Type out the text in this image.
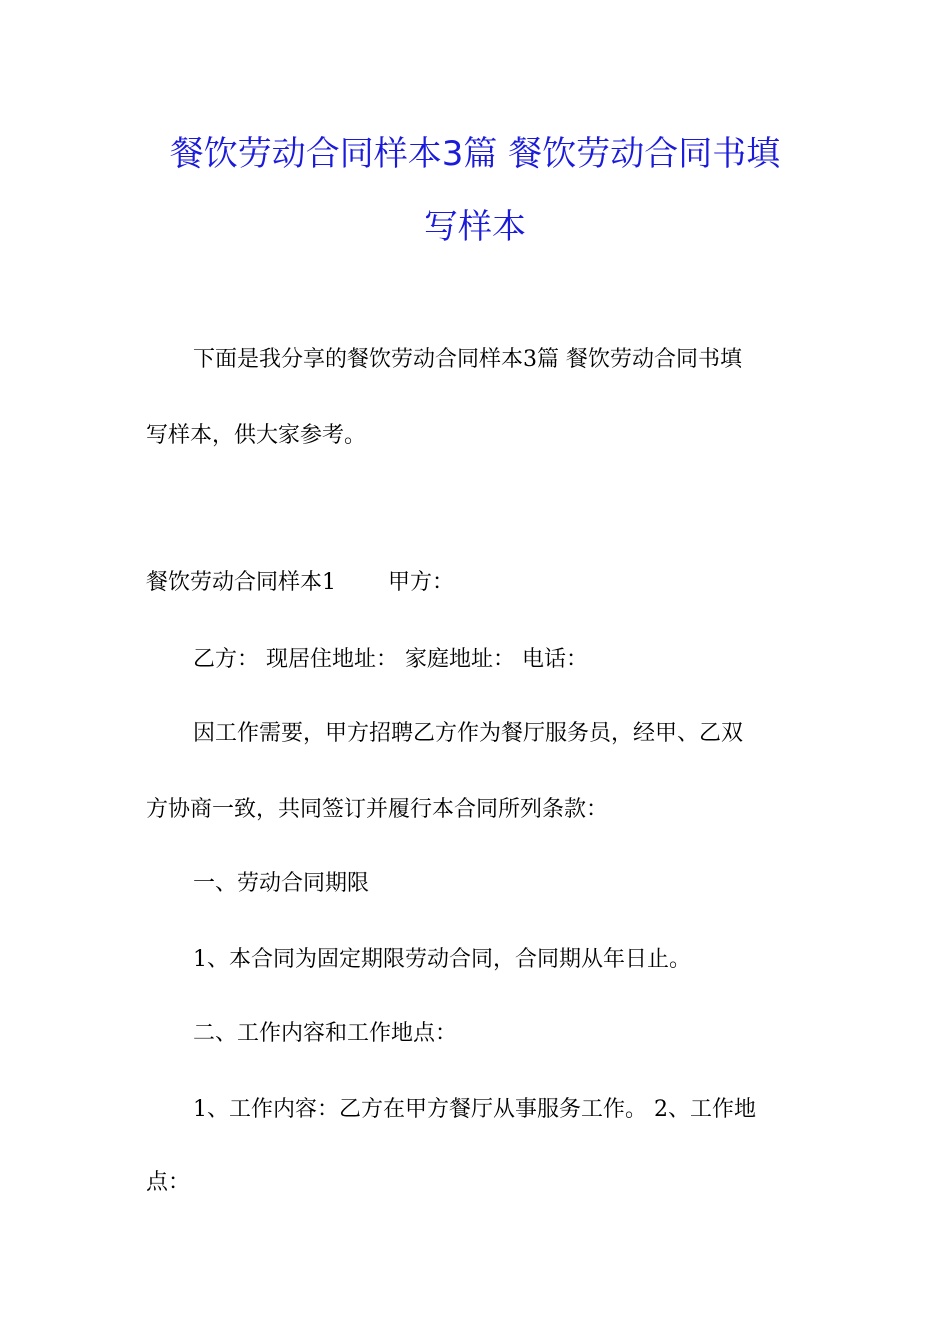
餐饮劳动合同样本3篇 餐饮劳动合同书填
写样本
下面是我分享的餐饮劳动合同样本3篇 餐饮劳动合同书填
写样本，供大家参考。
餐饮劳动合同样本1 甲方：
乙方： 现居住地址： 家庭地址： 电话：
因工作需要，甲方招聘乙方作为餐厅服务员，经甲、乙双
方协商一致，共同签订并履行本合同所列条款：
一、劳动合同期限
1、本合同为固定期限劳动合同，合同期从年日止。
二、工作内容和工作地点：
1、工作内容：乙方在甲方餐厅从事服务工作。 2、工作地
点：
